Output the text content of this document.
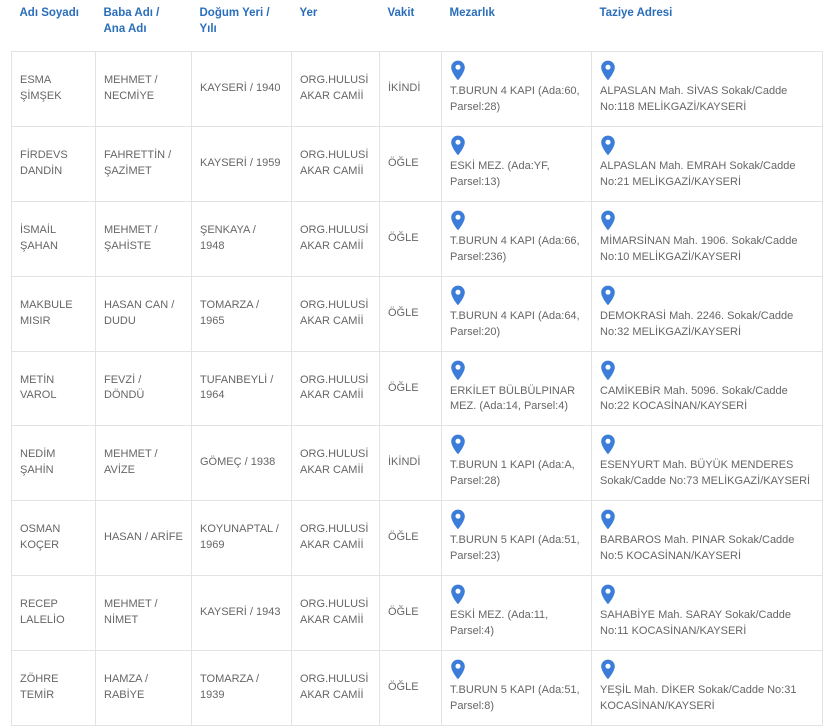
Adı Soyadı	Baba Adı / Ana Adı	Doğum Yeri / Yılı	Yer	Vakit	Mezarlık	Taziye Adresi
ESMA ŞİMŞEK	MEHMET / NECMİYE	KAYSERİ / 1940	ORG.HULUSİ AKAR CAMİİ	İKİNDİ	T.BURUN 4 KAPI (Ada:60, Parsel:28)	ALPASLAN Mah. SİVAS Sokak/Cadde No:118 MELİKGAZİ/KAYSERİ

FİRDEVS DANDİN	FAHRETTİN / ŞAZİMET	KAYSERİ / 1959	ORG.HULUSİ AKAR CAMİİ	ÖĞLE	ESKİ MEZ. (Ada:YF, Parsel:13)	ALPASLAN Mah. EMRAH Sokak/Cadde No:21 MELİKGAZİ/KAYSERİ

İSMAİL ŞAHAN	MEHMET / ŞAHİSTE	ŞENKAYA / 1948	ORG.HULUSİ AKAR CAMİİ	ÖĞLE	T.BURUN 4 KAPI (Ada:66, Parsel:236)	MİMARSİNAN Mah. 1906. Sokak/Cadde No:10 MELİKGAZİ/KAYSERİ

MAKBULE MISIR	HASAN CAN / DUDU	TOMARZA / 1965	ORG.HULUSİ AKAR CAMİİ	ÖĞLE	T.BURUN 4 KAPI (Ada:64, Parsel:20)	DEMOKRASİ Mah. 2246. Sokak/Cadde No:32 MELİKGAZİ/KAYSERİ

METİN VAROL	FEVZİ / DÖNDÜ	TUFANBEYLİ / 1964	ORG.HULUSİ AKAR CAMİİ	ÖĞLE	ERKİLET BÜLBÜLPINAR MEZ. (Ada:14, Parsel:4)	CAMİKEBİR Mah. 5096. Sokak/Cadde No:22 KOCASİNAN/KAYSERİ

NEDİM ŞAHİN	MEHMET / AVİZE	GÖMEÇ / 1938	ORG.HULUSİ AKAR CAMİİ	İKİNDİ	T.BURUN 1 KAPI (Ada:A, Parsel:28)	ESENYURT Mah. BÜYÜK MENDERES Sokak/Cadde No:73 MELİKGAZİ/KAYSERİ

OSMAN KOÇER	HASAN / ARİFE	KOYUNAPTAL / 1969	ORG.HULUSİ AKAR CAMİİ	ÖĞLE	T.BURUN 5 KAPI (Ada:51, Parsel:23)	BARBAROS Mah. PINAR Sokak/Cadde No:5 KOCASİNAN/KAYSERİ

RECEP LALELİO	MEHMET / NİMET	KAYSERİ / 1943	ORG.HULUSİ AKAR CAMİİ	ÖĞLE	ESKİ MEZ. (Ada:11, Parsel:4)	SAHABİYE Mah. SARAY Sokak/Cadde No:11 KOCASİNAN/KAYSERİ

ZÖHRE TEMİR	HAMZA / RABİYE	TOMARZA / 1939	ORG.HULUSİ AKAR CAMİİ	ÖĞLE	T.BURUN 5 KAPI (Ada:51, Parsel:8)	YEŞİL Mah. DİKER Sokak/Cadde No:31 KOCASİNAN/KAYSERİ
